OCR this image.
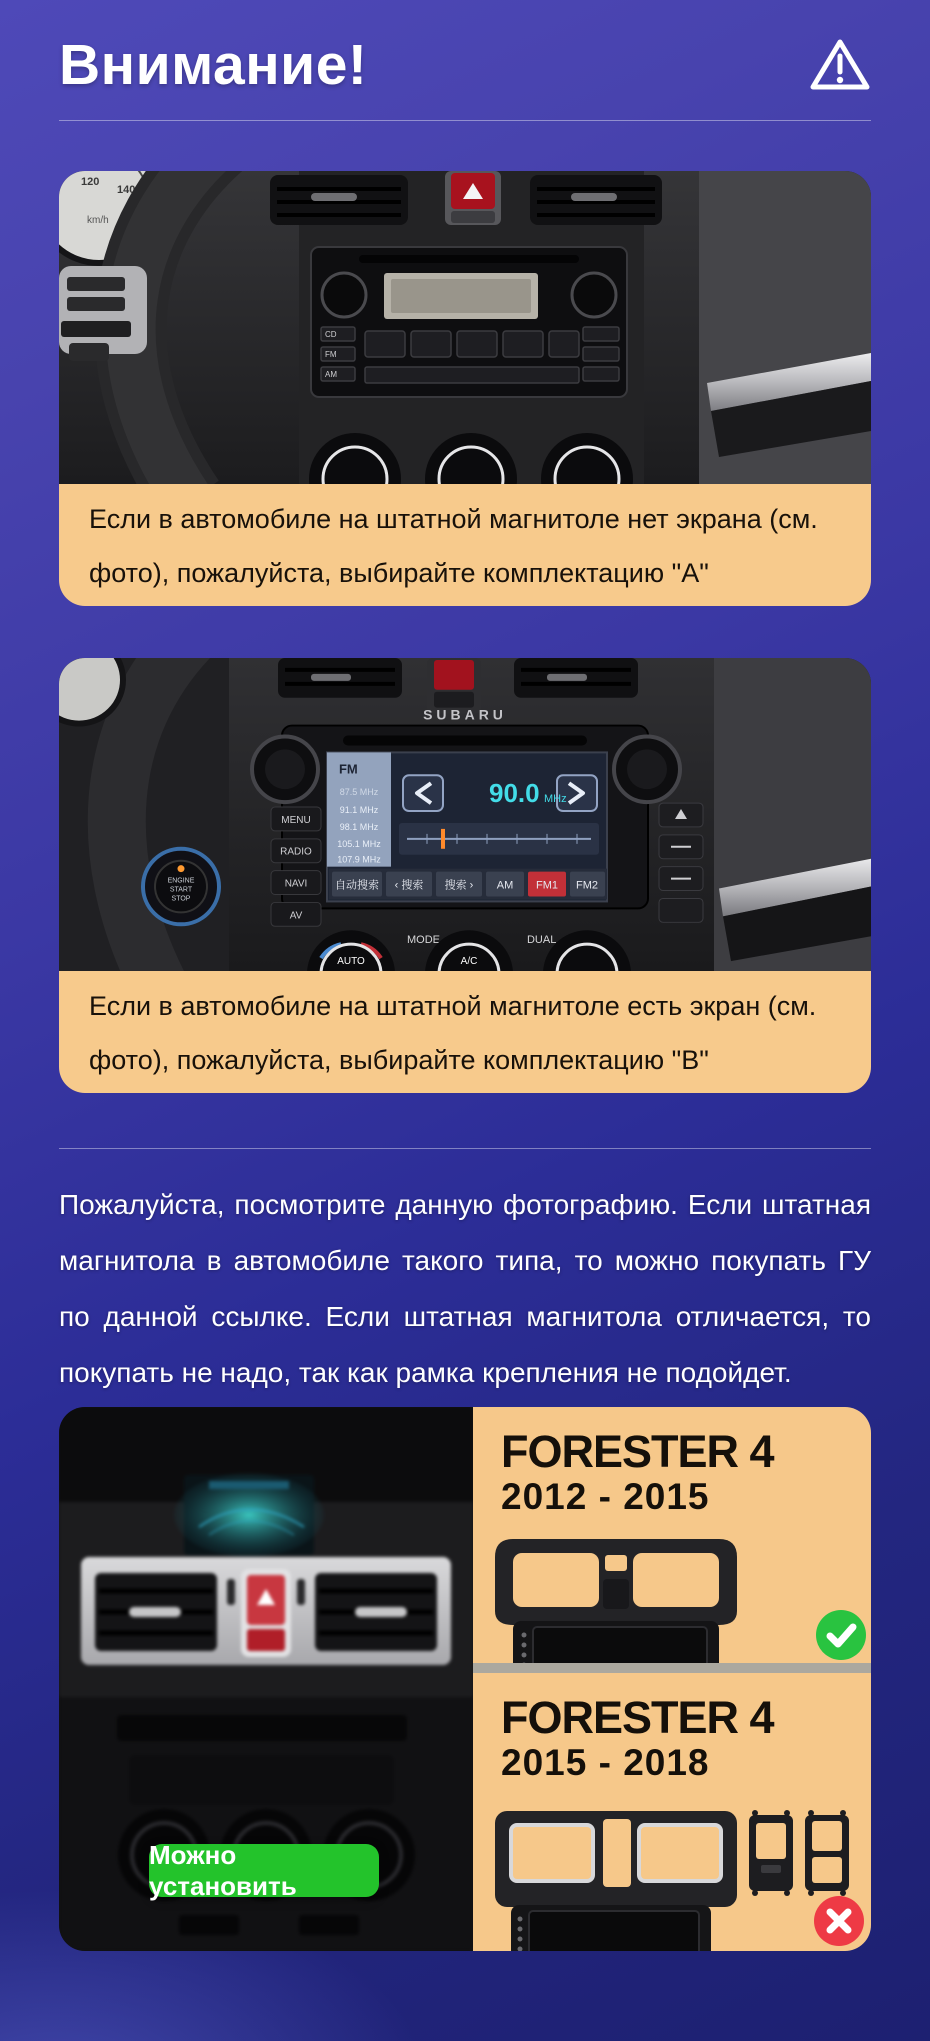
Внимание!
120
140
km/h
CD
FM
AM
Если в автомобиле на штатной магнитоле нет экрана (см. фото), пожалуйста, выбирайте комплектацию "А"
SUBARU
FM
87.5 MHz
91.1 MHz
98.1 MHz
105.1 MHz
107.9 MHz
90.0 MHz
自动搜索 ‹ 搜索 搜索 › AM FM1 FM2
MENU
RADIO
NAVI
AV
ENGINE
START
STOP
MODE	DUAL
AUTO	A/C
Если в автомобиле на штатной магнитоле есть экран (см. фото), пожалуйста, выбирайте комплектацию "В"

Пожалуйста, посмотрите данную фотографию. Если штатная магнитола в автомобиле такого типа, то можно покупать ГУ по данной ссылке. Если штатная магнитола отличается, то покупать не надо, так как рамка крепления не подойдет.

Можно установить
FORESTER 4
2012 - 2015
FORESTER 4
2015 - 2018
